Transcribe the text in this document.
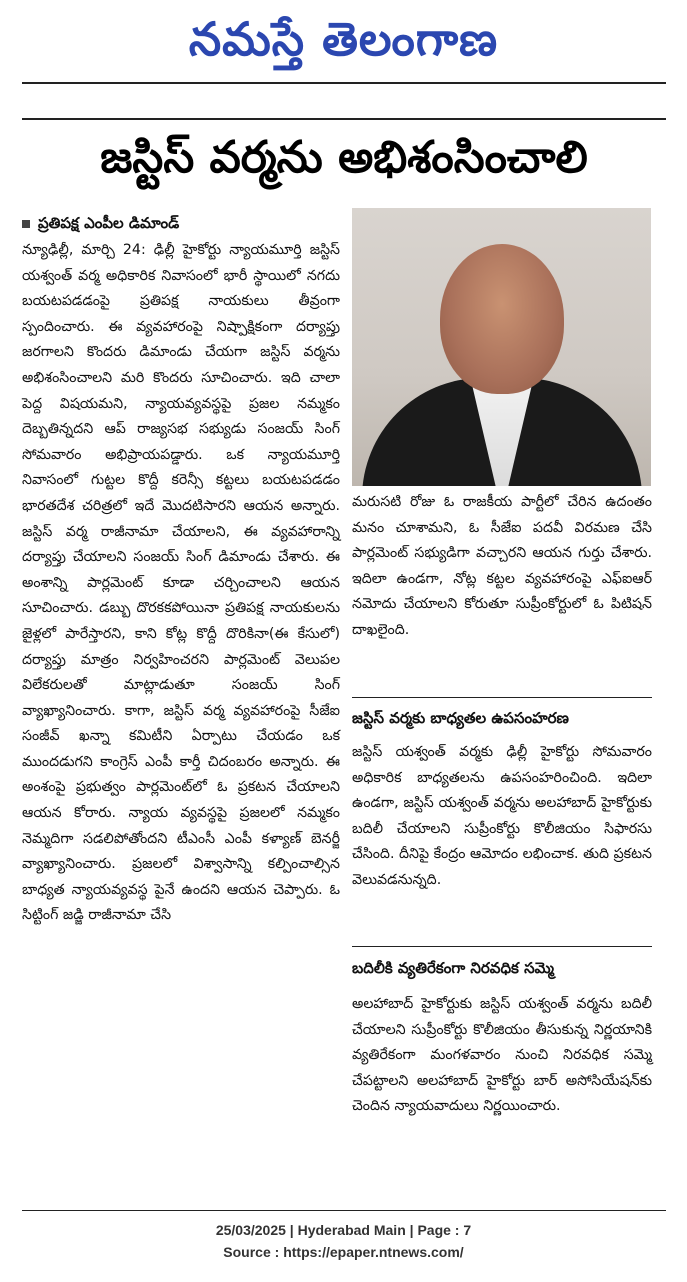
నమస్తే తెలంగాణ
జస్టిస్ వర్మను అభిశంసించాలి
ప్రతిపక్ష ఎంపీల డిమాండ్

న్యూఢిల్లీ, మార్చి 24: ఢిల్లీ హైకోర్టు న్యాయమూర్తి జస్టిస్ యశ్వంత్ వర్మ అధికారిక నివాసంలో భారీ స్థాయిలో నగదు బయటపడడంపై ప్రతిపక్ష నాయకులు తీవ్రంగా స్పందించారు. ఈ వ్యవహారంపై నిష్పాక్షికంగా దర్యాప్తు జరగాలని కొందరు డిమాండు చేయగా జస్టిస్ వర్మను అభిశంసించాలని మరి కొందరు సూచించారు. ఇది చాలా పెద్ద విషయమని, న్యాయవ్యవస్థపై ప్రజల నమ్మకం దెబ్బతిన్నదని ఆప్ రాజ్యసభ సభ్యుడు సంజయ్ సింగ్ సోమవారం అభిప్రాయపడ్డారు. ఒక న్యాయమూర్తి నివాసంలో గుట్టల కొద్దీ కరెన్సీ కట్టలు బయటపడడం భారతదేశ చరిత్రలో ఇదే మొదటిసారని ఆయన అన్నారు. జస్టిస్ వర్మ రాజీనామా చేయాలని, ఈ వ్యవహారాన్ని దర్యాప్తు చేయాలని సంజయ్ సింగ్ డిమాండు చేశారు. ఈ అంశాన్ని పార్లమెంట్ కూడా చర్చించాలని ఆయన సూచించారు. డబ్బు దొరకకపోయినా ప్రతిపక్ష నాయకులను జైళ్లలో పారేస్తారని, కాని కోట్ల కొద్దీ దొరికినా(ఈ కేసులో) దర్యాప్తు మాత్రం నిర్వహించరని పార్లమెంట్ వెలుపల విలేకరులతో మాట్లాడుతూ సంజయ్ సింగ్ వ్యాఖ్యానించారు. కాగా, జస్టిస్ వర్మ వ్యవహారంపై సీజేఐ సంజీవ్ ఖన్నా కమిటీని ఏర్పాటు చేయడం ఒక ముందడుగని కాంగ్రెస్ ఎంపీ కార్తీ చిదంబరం అన్నారు. ఈ అంశంపై ప్రభుత్వం పార్లమెంట్‌లో ఓ ప్రకటన చేయాలని ఆయన కోరారు. న్యాయ వ్యవస్థపై ప్రజలలో నమ్మకం నెమ్మదిగా సడలిపోతోందని టీఎంసీ ఎంపీ కళ్యాణ్ బెనర్జీ వ్యాఖ్యానించారు. ప్రజలలో విశ్వాసాన్ని కల్పించాల్సిన బాధ్యత న్యాయవ్యవస్థ పైనే ఉందని ఆయన చెప్పారు. ఓ సిట్టింగ్ జడ్జి రాజీనామా చేసి

మరుసటి రోజు ఓ రాజకీయ పార్టీలో చేరిన ఉదంతం మనం చూశామని, ఓ సీజేఐ పదవీ విరమణ చేసి పార్లమెంట్ సభ్యుడిగా వచ్చారని ఆయన గుర్తు చేశారు. ఇదిలా ఉండగా, నోట్ల కట్టల వ్యవహారంపై ఎఫ్‌ఐఆర్ నమోదు చేయాలని కోరుతూ సుప్రీంకోర్టులో ఓ పిటిషన్ దాఖలైంది.

జస్టిస్ వర్మకు బాధ్యతల ఉపసంహరణ

జస్టిస్ యశ్వంత్ వర్మకు ఢిల్లీ హైకోర్టు సోమవారం అధికారిక బాధ్యతలను ఉపసంహరించింది. ఇదిలా ఉండగా, జస్టిస్ యశ్వంత్ వర్మను అలహాబాద్ హైకోర్టుకు బదిలీ చేయాలని సుప్రీంకోర్టు కొలీజియం సిఫారసు చేసింది. దీనిపై కేంద్రం ఆమోదం లభించాక. తుది ప్రకటన వెలువడనున్నది.

బదిలీకి వ్యతిరేకంగా నిరవధిక సమ్మె

అలహాబాద్ హైకోర్టుకు జస్టిస్ యశ్వంత్ వర్మను బదిలీ చేయాలని సుప్రీంకోర్టు కొలీజియం తీసుకున్న నిర్ణయానికి వ్యతిరేకంగా మంగళవారం నుంచి నిరవధిక సమ్మె చేపట్టాలని అలహాబాద్ హైకోర్టు బార్ అసోసియేషన్‌కు చెందిన న్యాయవాదులు నిర్ణయించారు.

25/03/2025 | Hyderabad Main | Page : 7
Source : https://epaper.ntnews.com/
